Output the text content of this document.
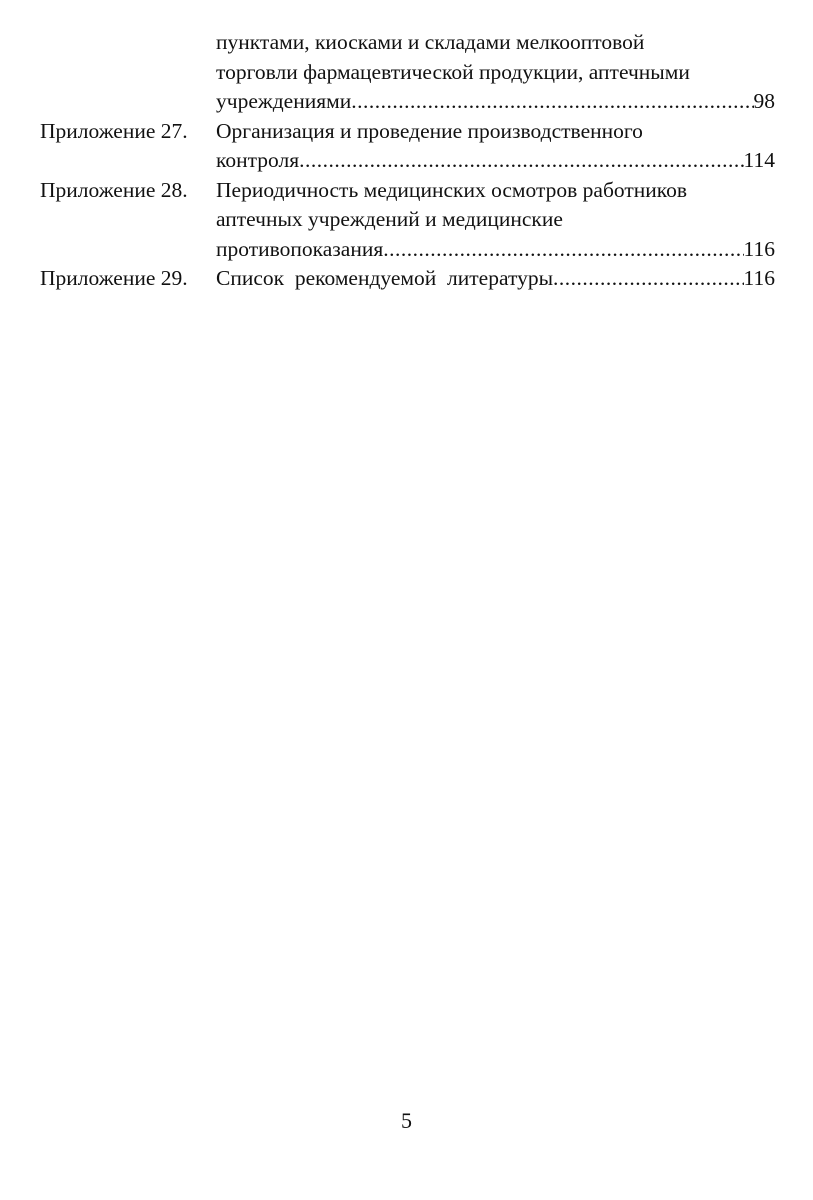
пунктами, киосками и складами мелкооптовой
торговли фармацевтической продукции, аптечными
учреждениями .....	98
Приложение 27.	Организация и проведение производственного
контроля .....	114
Приложение 28.	Периодичность медицинских осмотров работников
аптечных учреждений и медицинские
противопоказания .....	116
Приложение 29.	Список  рекомендуемой  литературы .....	116
5
